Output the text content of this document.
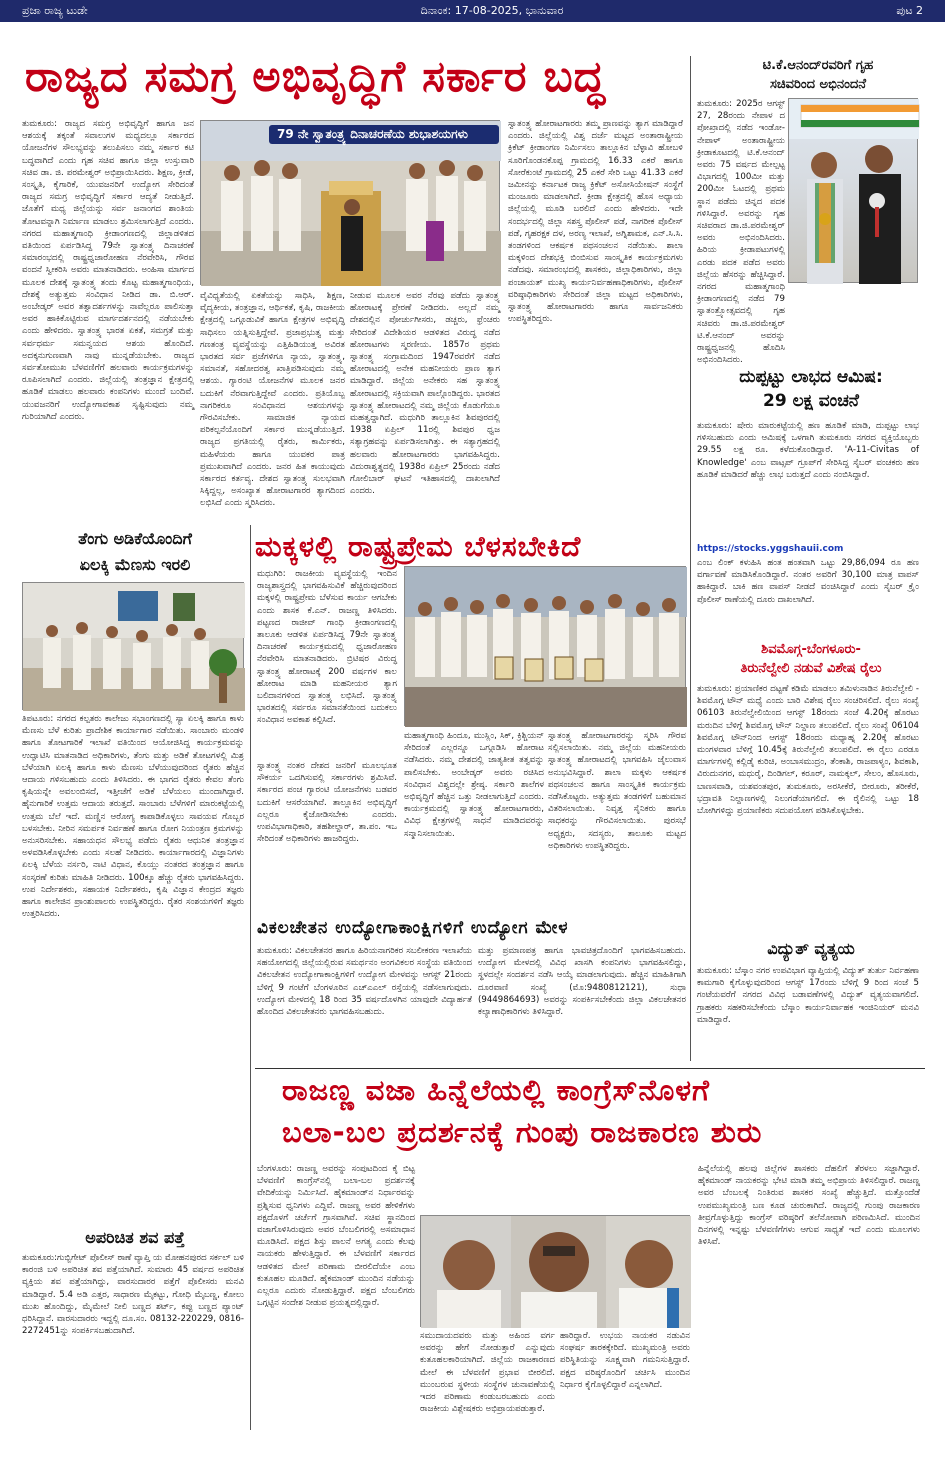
ಪ್ರಜಾ ರಾಜ್ಯ ಟುಡೇ	ದಿನಾಂಕ: 17-08-2025, ಭಾನುವಾರ	ಪುಟ 2
ರಾಜ್ಯದ ಸಮಗ್ರ ಅಭಿವೃದ್ಧಿಗೆ ಸರ್ಕಾರ ಬದ್ಧ	ಟಿ.ಕೆ.ಆನಂದ್‌ರವರಿಗೆ ಗೃಹ
ಸಚಿವರಿಂದ ಅಭಿನಂದನೆ
ತುಮಕೂರು: 2025ರ ಆಗಸ್ಟ್ 27, 28ರಂದು ನೇಪಾಳ ದ ಪೋಖ್ರಾದಲ್ಲಿ ನಡೆದ ಇಂಡೋ-ನೇಪಾಳ್ ಅಂತಾರಾಷ್ಟ್ರೀಯ ಕ್ರೀಡಾಕೂಟದಲ್ಲಿ ಟಿ.ಕೆ.ಆನಂದ್ ಅವರು 75 ವರ್ಷದ ಮೇಲ್ಪಟ್ಟ ವಿಭಾಗದಲ್ಲಿ 100ಮೀ ಮತ್ತು 200ಮೀ ಓಟದಲ್ಲಿ ಪ್ರಥಮ ಸ್ಥಾನ ಪಡೆದು ಚಿನ್ನದ ಪದಕ ಗಳಿಸಿದ್ದಾರೆ. ಅವರನ್ನು ಗೃಹ ಸಚಿವರಾದ ಡಾ.ಜಿ.ಪರಮೇಶ್ವರ್ ಅವರು ಅಭಿನಂದಿಸಿದರು. ಹಿರಿಯ ಕ್ರೀಡಾಪಟುಗಳಲ್ಲಿ ಎರಡು ಪದಕ ಪಡೆದ ಅವರು ಜಿಲ್ಲೆಯ ಹೆಸರನ್ನು ಹೆಚ್ಚಿಸಿದ್ದಾರೆ. ನಗರದ ಮಹಾತ್ಮಗಾಂಧಿ ಕ್ರೀಡಾಂಗಣದಲ್ಲಿ ನಡೆದ 79 ಸ್ವಾತಂತ್ರ್ಯೋತ್ಸವದಲ್ಲಿ ಗೃಹ ಸಚಿವರು ಡಾ.ಜಿ.ಪರಮೇಶ್ವರ್ ಟಿ.ಕೆ.ಆನಂದ್ ಅವರನ್ನು ರಾಷ್ಟ್ರಧ್ವಜನಲ್ಲಿ ಹೊದಿಸಿ ಅಭಿನಂದಿಸಿದರು.
ದುಪ್ಪಟ್ಟು ಲಾಭದ ಆಮಿಷ:
29 ಲಕ್ಷ ವಂಚನೆ
ತುಮಕೂರು: ಷೇರು ಮಾರುಕಟ್ಟೆಯಲ್ಲಿ ಹಣ ಹೂಡಿಕೆ ಮಾಡಿ, ದುಪ್ಪಟ್ಟು ಲಾಭ ಗಳಿಸಬಹುದು ಎಂದು ಆಮಿಷಕ್ಕೆ ಒಳಗಾಗಿ ತುಮಕೂರು ನಗರದ ವ್ಯಕ್ತಿಯೊಬ್ಬರು 29.55 ಲಕ್ಷ ರೂ. ಕಳೆದುಕೊಂಡಿದ್ದಾರೆ. 'A-11-Civitas of Knowledge' ಎಂಬ ವಾಟ್ಸಪ್ ಗ್ರೂಪ್‌ಗೆ ಸೇರಿಸಿದ್ದ ಸೈಬರ್ ವಂಚಕರು ಹಣ ಹೂಡಿಕೆ ಮಾಡಿದರೆ ಹೆಚ್ಚು ಲಾಭ ಬರುತ್ತದೆ ಎಂದು ನಂಬಿಸಿದ್ದಾರೆ.
https://stocks.yggshauii.com
ಎಂಬ ಲಿಂಕ್ ಕಳುಹಿಸಿ ಹಂತ ಹಂತವಾಗಿ ಒಟ್ಟು 29,86,094 ರೂ ಹಣ ವರ್ಗಾವಣೆ ಮಾಡಿಸಿಕೊಂಡಿದ್ದಾರೆ. ನಂತರ ಅವರಿಗೆ 30,100 ಮಾತ್ರ ವಾಪಸ್ ಹಾಕಿದ್ದಾರೆ. ಬಾಕಿ ಹಣ ವಾಪಸ್ ನೀಡದೆ ವಂಚಿಸಿದ್ದಾರೆ ಎಂದು ಸೈಬರ್ ಕ್ರೈಂ ಪೊಲೀಸ್ ಠಾಣೆಯಲ್ಲಿ ದೂರು ದಾಖಲಾಗಿದೆ.
ಶಿವಮೊಗ್ಗ-ಬೆಂಗಳೂರು-
ತಿರುನೆಲ್ವೇಲಿ ನಡುವೆ ವಿಶೇಷ ರೈಲು
ತುಮಕೂರು: ಪ್ರಯಾಣಿಕರ ದಟ್ಟಣೆ ಕಡಿಮೆ ಮಾಡಲು ತಮಿಳುನಾಡಿನ ತಿರುನೆಲ್ವೇಲಿ - ಶಿವಮೊಗ್ಗ ಟೌನ್ ಮಧ್ಯೆ ಎಂದು ಬಾರಿ ವಿಶೇಷ ರೈಲು ಸಂಚರಿಸಲಿದೆ. ರೈಲು ಸಂಖ್ಯೆ 06103 ತಿರುನೆಲ್ವೇಲಿಯಿಂದ ಆಗಸ್ಟ್ 18ರಂದು ಸಂಜೆ 4.20ಕ್ಕೆ ಹೊರಟು ಮರುದಿನ ಬೆಳಿಗ್ಗೆ ಶಿವಮೊಗ್ಗ ಟೌನ್ ನಿಲ್ದಾಣ ತಲುಪಲಿದೆ. ರೈಲು ಸಂಖ್ಯೆ 06104 ಶಿವಮೊಗ್ಗ ಟೌನ್‌ನಿಂದ ಆಗಸ್ಟ್ 18ರಂದು ಮಧ್ಯಾಹ್ನ 2.20ಕ್ಕೆ ಹೊರಟು ಮಂಗಳವಾರ ಬೆಳಿಗ್ಗೆ 10.45ಕ್ಕೆ ತಿರುನೆಲ್ವೇಲಿ ತಲುಪಲಿದೆ. ಈ ರೈಲು ಎರಡೂ ಮಾರ್ಗಗಳಲ್ಲಿ ಕಲ್ಲಿಡೈ ಕುರಿಚಿ, ಅಂಬಾಸಮುದ್ರಂ, ತೆಂಕಾಶಿ, ರಾಜಪಾಳ್ಯಂ, ಶಿವಕಾಶಿ, ವಿರುದುನಗರ, ಮಧುರೈ, ದಿಂಡಿಗಲ್, ಕರೂರ್, ನಾಮಕ್ಕಲ್, ಸೇಲಂ, ಹೊಸೂರು, ಬಾಣಸವಾಡಿ, ಯಶವಂತಪುರ, ತುಮಕೂರು, ಅರಸೀಕೆರೆ, ಬೀರೂರು, ತರೀಕೆರೆ, ಭದ್ರಾವತಿ ನಿಲ್ದಾಣಗಳಲ್ಲಿ ನಿಲುಗಡೆಯಾಗಲಿದೆ. ಈ ರೈಲಿನಲ್ಲಿ ಒಟ್ಟು 18 ಬೋಗಿಗಳಿದ್ದು ಪ್ರಯಾಣಿಕರು ಸದುಪಯೋಗ ಪಡಿಸಿಕೊಳ್ಳಬೇಕು.
ವಿದ್ಯುತ್ ವ್ಯತ್ಯಯ
ತುಮಕೂರು: ಬೆಸ್ಕಾಂ ನಗರ ಉಪವಿಭಾಗ ವ್ಯಾಪ್ತಿಯಲ್ಲಿ ವಿದ್ಯುತ್ ತುರ್ತು ನಿರ್ವಹಣಾ ಕಾಮಗಾರಿ ಕೈಗೊಳ್ಳುವುದರಿಂದ ಆಗಸ್ಟ್ 17ರಂದು ಬೆಳಿಗ್ಗೆ 9 ರಿಂದ ಸಂಜೆ 5 ಗಂಟೆಯವರೆಗೆ ನಗರದ ವಿವಿಧ ಬಡಾವಣೆಗಳಲ್ಲಿ ವಿದ್ಯುತ್ ವ್ಯತ್ಯಯವಾಗಲಿದೆ. ಗ್ರಾಹಕರು ಸಹಕರಿಸಬೇಕೆಂದು ಬೆಸ್ಕಾಂ ಕಾರ್ಯನಿರ್ವಾಹಕ ಇಂಜಿನಿಯರ್ ಮನವಿ ಮಾಡಿದ್ದಾರೆ.
ತುಮಕೂರು: ರಾಜ್ಯದ ಸಮಗ್ರ ಅಭಿವೃದ್ಧಿಗೆ ಹಾಗೂ ಜನ ಆಶಯಕ್ಕೆ ತಕ್ಕಂತೆ ಸವಾಲುಗಳ ಮಧ್ಯದಲ್ಲೂ ಸರ್ಕಾರದ ಯೋಜನೆಗಳ ಸೌಲಭ್ಯವನ್ನು ತಲುಪಿಸಲು ನಮ್ಮ ಸರ್ಕಾರ ಕಟಿ ಬದ್ಧವಾಗಿದೆ ಎಂದು ಗೃಹ ಸಚಿವ ಹಾಗೂ ಜಿಲ್ಲಾ ಉಸ್ತುವಾರಿ ಸಚಿವ ಡಾ. ಜಿ. ಪರಮೇಶ್ವರ್ ಅಭಿಪ್ರಾಯಿಸಿದರು. ಶಿಕ್ಷಣ, ಕ್ರೀಡೆ, ಸಂಸ್ಕೃತಿ, ಕೈಗಾರಿಕೆ, ಯುವಜನರಿಗೆ ಉದ್ಯೋಗ ಸೇರಿದಂತೆ ರಾಜ್ಯದ ಸಮಗ್ರ ಅಭಿವೃದ್ಧಿಗೆ ಸರ್ಕಾರ ಆದ್ಯತೆ ನೀಡುತ್ತಿದೆ. ಜೊತೆಗೆ ಮಧ್ಯ ಜಿಲ್ಲೆಯನ್ನು ಸರ್ವ ಜನಾಂಗದ ಶಾಂತಿಯ ತೋಟವನ್ನಾಗಿ ನಿರ್ಮಾಣ ಮಾಡಲು ಶ್ರಮಿಸಲಾಗುತ್ತಿದೆ ಎಂದರು. ನಗರದ ಮಹಾತ್ಮಗಾಂಧಿ ಕ್ರೀಡಾಂಗಣದಲ್ಲಿ ಜಿಲ್ಲಾಡಳಿತದ ವತಿಯಿಂದ ಏರ್ಪಡಿಸಿದ್ದ 79ನೇ ಸ್ವಾತಂತ್ರ್ಯ ದಿನಾಚರಣೆ ಸಮಾರಂಭದಲ್ಲಿ ರಾಷ್ಟ್ರಧ್ವಜಾರೋಹಣ ನೆರವೇರಿಸಿ, ಗೌರವ ವಂದನೆ ಸ್ವೀಕರಿಸಿ ಅವರು ಮಾತನಾಡಿದರು. ಅಂಹಿಸಾ ಮಾರ್ಗದ ಮೂಲಕ ದೇಶಕ್ಕೆ ಸ್ವಾತಂತ್ರ್ಯ ತಂದು ಕೊಟ್ಟ ಮಹಾತ್ಮಗಾಂಧಿಯ, ದೇಶಕ್ಕೆ ಅತ್ಯುತ್ತಮ ಸಂವಿಧಾನ ನೀಡಿದ ಡಾ. ಬಿ.ಆರ್. ಅಂಬೇಡ್ಕರ್ ಅವರ ತತ್ವಾದರ್ಶಗಳನ್ನು ನಾವೆಲ್ಲರೂ ಪಾಲಿಸುತ್ತಾ ಅವರ ಹಾಕಿಕೊಟ್ಟಿರುವ ಮಾರ್ಗದರ್ಶನದಲ್ಲಿ ನಡೆಯಬೇಕು ಎಂದು ಹೇಳಿದರು. ಸ್ವಾತಂತ್ರ್ಯ ಭಾರತ ಏಕತೆ, ಸಮಗ್ರತೆ ಮತ್ತು ಸರ್ವಧರ್ಮ ಸಮನ್ವಯದ ಆಶಯ ಹೊಂದಿದೆ. ಅದಕ್ಕನುಗುಣವಾಗಿ ನಾವು ಮುನ್ನಡೆಯಬೇಕು. ರಾಜ್ಯದ ಸರ್ವತೋಮುಖ ಬೆಳವಣಿಗೆಗೆ ಹಲವಾರು ಕಾರ್ಯಕ್ರಮಗಳನ್ನು ರೂಪಿಸಲಾಗಿದೆ ಎಂದರು. ಜಿಲ್ಲೆಯಲ್ಲಿ ತಂತ್ರಜ್ಞಾನ ಕ್ಷೇತ್ರದಲ್ಲಿ ಹೂಡಿಕೆ ಮಾಡಲು ಹಲವಾರು ಕಂಪನಿಗಳು ಮುಂದೆ ಬಂದಿವೆ. ಯುವಜನರಿಗೆ ಉದ್ಯೋಗಾವಕಾಶ ಸೃಷ್ಟಿಸುವುದು ನಮ್ಮ ಗುರಿಯಾಗಿದೆ ಎಂದರು.
79 ನೇ ಸ್ವಾತಂತ್ರ್ಯ ದಿನಾಚರಣೆಯ ಶುಭಾಶಯಗಳು
ವೈವಿಧ್ಯತೆಯಲ್ಲಿ ಏಕತೆಯನ್ನು ಸಾಧಿಸಿ, ಶಿಕ್ಷಣ, ವೈದ್ಯಕೀಯ, ತಂತ್ರಜ್ಞಾನ, ಆರ್ಥಿಕತೆ, ಕೃಷಿ, ರಾಜಕೀಯ ಕ್ಷೇತ್ರದಲ್ಲಿ ಒಗ್ಗೂಡುವಿಕೆ ಹಾಗೂ ಕ್ಷೇತ್ರಗಳ ಅಭಿವೃದ್ಧಿ ಸಾಧಿಸಲು ಯತ್ನಿಸುತ್ತಿದ್ದೇವೆ. ಪ್ರಜಾಪ್ರಭುತ್ವ ಮತ್ತು ಗಣತಂತ್ರ ವ್ಯವಸ್ಥೆಯನ್ನು ಎತ್ತಿಹಿಡಿಯುತ್ತ ಅವಿರತ ಭಾರತದ ಸರ್ವ ಪ್ರಜೆಗಳಿಗೂ ನ್ಯಾಯ, ಸ್ವಾತಂತ್ರ್ಯ, ಸಮಾನತೆ, ಸಹೋದರತ್ವ ಖಾತ್ರಿಪಡಿಸುವುದು ನಮ್ಮ ಆಶಯ. ಗ್ಯಾರಂಟಿ ಯೋಜನೆಗಳ ಮೂಲಕ ಜನರ ಬದುಕಿಗೆ ನೆರವಾಗುತ್ತಿದ್ದೇವೆ ಎಂದರು. ಪ್ರತಿಯೊಬ್ಬ ನಾಗರಿಕರೂ ಸಂವಿಧಾನದ ಆಶಯಗಳನ್ನು ಗೌರವಿಸಬೇಕು. ಸಾಮಾಜಿಕ ನ್ಯಾಯದ ಪರಿಕಲ್ಪನೆಯೊಂದಿಗೆ ಸರ್ಕಾರ ಮುನ್ನಡೆಯುತ್ತಿದೆ. ರಾಜ್ಯದ ಪ್ರಗತಿಯಲ್ಲಿ ರೈತರು, ಕಾರ್ಮಿಕರು, ಮಹಿಳೆಯರು ಹಾಗೂ ಯುವಕರ ಪಾತ್ರ ಪ್ರಮುಖವಾಗಿದೆ ಎಂದರು. ಜನರ ಹಿತ ಕಾಯುವುದು ಸರ್ಕಾರದ ಕರ್ತವ್ಯ. ದೇಶದ ಸ್ವಾತಂತ್ರ್ಯ ಸುಲಭವಾಗಿ ಸಿಕ್ಕಿದ್ದಲ್ಲ, ಅಸಂಖ್ಯಾತ ಹೋರಾಟಗಾರರ ತ್ಯಾಗದಿಂದ ಲಭಿಸಿದೆ ಎಂದು ಸ್ಮರಿಸಿದರು.
ನೀಡುವ ಮೂಲಕ ಅವರ ನೆರವು ಪಡೆದು ಸ್ವಾತಂತ್ರ್ಯ ಹೋರಾಟಕ್ಕೆ ಪ್ರೇರಣೆ ನೀಡಿದರು. ಅಲ್ಲದೆ ನಮ್ಮ ದೇಶದಲ್ಲಿನ ಪೋರ್ಚುಗೀಸರು, ಡಚ್ಚರು, ಫ್ರೆಂಚರು ಸೇರಿದಂತೆ ವಿದೇಶಿಯರ ಆಡಳಿತದ ವಿರುದ್ಧ ನಡೆದ ಹೋರಾಟಗಳು ಸ್ಮರಣೀಯ. 1857ರ ಪ್ರಥಮ ಸ್ವಾತಂತ್ರ್ಯ ಸಂಗ್ರಾಮದಿಂದ 1947ರವರೆಗೆ ನಡೆದ ಹೋರಾಟದಲ್ಲಿ ಅನೇಕ ಮಹನೀಯರು ಪ್ರಾಣ ತ್ಯಾಗ ಮಾಡಿದ್ದಾರೆ. ಜಿಲ್ಲೆಯ ಅನೇಕರು ಸಹ ಸ್ವಾತಂತ್ರ್ಯ ಹೋರಾಟದಲ್ಲಿ ಸಕ್ರಿಯವಾಗಿ ಪಾಲ್ಗೊಂಡಿದ್ದರು. ಭಾರತದ ಸ್ವಾತಂತ್ರ್ಯ ಹೋರಾಟದಲ್ಲಿ ನಮ್ಮ ಜಿಲ್ಲೆಯ ಕೊಡುಗೆಯೂ ಮಹತ್ವದ್ದಾಗಿದೆ. ಮಧುಗಿರಿ ತಾಲ್ಲೂಕಿನ ಶಿವಪುರದಲ್ಲಿ 1938 ಏಪ್ರಿಲ್ 11ರಲ್ಲಿ ಶಿವಪುರ ಧ್ವಜ ಸತ್ಯಾಗ್ರಹವನ್ನು ಏರ್ಪಡಿಸಲಾಗಿತ್ತು. ಈ ಸತ್ಯಾಗ್ರಹದಲ್ಲಿ ಹಲವಾರು ಹೋರಾಟಗಾರರು ಭಾಗವಹಿಸಿದ್ದರು. ವಿದುರಾಶ್ವತ್ಥದಲ್ಲಿ 1938ರ ಏಪ್ರಿಲ್ 25ರಂದು ನಡೆದ ಗೋಲಿಬಾರ್ ಘಟನೆ ಇತಿಹಾಸದಲ್ಲಿ ದಾಖಲಾಗಿದೆ ಎಂದರು.
ಸ್ವಾತಂತ್ರ್ಯ ಹೋರಾಟಗಾರರು ತಮ್ಮ ಪ್ರಾಣವನ್ನು ತ್ಯಾಗ ಮಾಡಿದ್ದಾರೆ ಎಂದರು. ಜಿಲ್ಲೆಯಲ್ಲಿ ವಿಶ್ವ ದರ್ಜೆ ಮಟ್ಟದ ಅಂತಾರಾಷ್ಟ್ರೀಯ ಕ್ರಿಕೆಟ್ ಕ್ರೀಡಾಂಗಣ ನಿರ್ಮಿಸಲು ತಾಲ್ಲೂಕಿನ ಬೆಳ್ಳಾವಿ ಹೋಬಳಿ ಸೂರಿಗೊಂಡನಕೊಪ್ಪ ಗ್ರಾಮದಲ್ಲಿ 16.33 ಎಕರೆ ಹಾಗೂ ಸೋರೆಕುಂಟೆ ಗ್ರಾಮದಲ್ಲಿ 25 ಎಕರೆ ಸೇರಿ ಒಟ್ಟು 41.33 ಎಕರೆ ಜಮೀನನ್ನು ಕರ್ನಾಟಕ ರಾಜ್ಯ ಕ್ರಿಕೆಟ್ ಅಸೋಸಿಯೇಷನ್ ಸಂಸ್ಥೆಗೆ ಮಂಜೂರು ಮಾಡಲಾಗಿದೆ. ಕ್ರೀಡಾ ಕ್ಷೇತ್ರದಲ್ಲಿ ಹೊಸ ಅಧ್ಯಾಯ ಜಿಲ್ಲೆಯಲ್ಲಿ ಮೂಡಿ ಬರಲಿದೆ ಎಂದು ಹೇಳಿದರು. ಇದೇ ಸಂದರ್ಭದಲ್ಲಿ ಜಿಲ್ಲಾ ಸಶಸ್ತ್ರ ಪೊಲೀಸ್ ಪಡೆ, ನಾಗರೀಕ ಪೊಲೀಸ್ ಪಡೆ, ಗೃಹರಕ್ಷಕ ದಳ, ಅರಣ್ಯ ಇಲಾಖೆ, ಅಗ್ನಿಶಾಮಕ, ಎನ್.ಸಿ.ಸಿ. ತಂಡಗಳಿಂದ ಆಕರ್ಷಕ ಪಥಸಂಚಲನ ನಡೆಯಿತು. ಶಾಲಾ ಮಕ್ಕಳಿಂದ ದೇಶಭಕ್ತಿ ಬಿಂಬಿಸುವ ಸಾಂಸ್ಕೃತಿಕ ಕಾರ್ಯಕ್ರಮಗಳು ನಡೆದವು. ಸಮಾರಂಭದಲ್ಲಿ ಶಾಸಕರು, ಜಿಲ್ಲಾಧಿಕಾರಿಗಳು, ಜಿಲ್ಲಾ ಪಂಚಾಯತ್ ಮುಖ್ಯ ಕಾರ್ಯನಿರ್ವಹಣಾಧಿಕಾರಿಗಳು, ಪೊಲೀಸ್ ವರಿಷ್ಠಾಧಿಕಾರಿಗಳು ಸೇರಿದಂತೆ ಜಿಲ್ಲಾ ಮಟ್ಟದ ಅಧಿಕಾರಿಗಳು, ಸ್ವಾತಂತ್ರ್ಯ ಹೋರಾಟಗಾರರು ಹಾಗೂ ಸಾರ್ವಜನಿಕರು ಉಪಸ್ಥಿತರಿದ್ದರು.
ಮಕ್ಕಳಲ್ಲಿ ರಾಷ್ಟ್ರಪ್ರೇಮ ಬೆಳಸಬೇಕಿದೆ
ಮಧುಗಿರಿ: ರಾಜಕೀಯ ವ್ಯವಸ್ಥೆಯಲ್ಲಿ ಇಂದಿನ ರಾಜ್ಯಶಾಸ್ತ್ರದಲ್ಲಿ ಭಾಗವಹಿಸುವಿಕೆ ಹೆಚ್ಚಿರುವುದರಿಂದ ಮಕ್ಕಳಲ್ಲಿ ರಾಷ್ಟ್ರಪ್ರೇಮ ಬೆಳೆಸುವ ಕಾರ್ಯ ಆಗಬೇಕು ಎಂದು ಶಾಸಕ ಕೆ.ಎನ್. ರಾಜಣ್ಣ ತಿಳಿಸಿದರು. ಪಟ್ಟಣದ ರಾಜೀವ್ ಗಾಂಧಿ ಕ್ರೀಡಾಂಗಣದಲ್ಲಿ ತಾಲೂಕು ಆಡಳಿತ ಏರ್ಪಡಿಸಿದ್ದ 79ನೇ ಸ್ವಾತಂತ್ರ್ಯ ದಿನಾಚರಣೆ ಕಾರ್ಯಕ್ರಮದಲ್ಲಿ ಧ್ವಜಾರೋಹಣ ನೆರವೇರಿಸಿ ಮಾತನಾಡಿದರು. ಬ್ರಿಟಿಷರ ವಿರುದ್ಧ ಸ್ವಾತಂತ್ರ್ಯ ಹೋರಾಟಕ್ಕೆ 200 ವರ್ಷಗಳ ಕಾಲ ಹೋರಾಟ ಮಾಡಿ ಮಹನೀಯರ ತ್ಯಾಗ ಬಲಿದಾನಗಳಿಂದ ಸ್ವಾತಂತ್ರ್ಯ ಲಭಿಸಿದೆ. ಸ್ವಾತಂತ್ರ್ಯ ಭಾರತದಲ್ಲಿ ಸರ್ವರೂ ಸಮಾನತೆಯಿಂದ ಬದುಕಲು ಸಂವಿಧಾನ ಅವಕಾಶ ಕಲ್ಪಿಸಿದೆ.
ಮಹಾತ್ಮಗಾಂಧಿ ಹಿಂದೂ, ಮುಸ್ಲಿಂ, ಸಿಕ್, ಕ್ರಿಶ್ಚಿಯನ್ ಸೇರಿದಂತೆ ಎಲ್ಲರನ್ನೂ ಒಗ್ಗೂಡಿಸಿ ಹೋರಾಟ ನಡೆಸಿದರು. ನಮ್ಮ ದೇಶದಲ್ಲಿ ಜಾತ್ಯತೀತ ತತ್ವವನ್ನು ಪಾಲಿಸಬೇಕು. ಅಂಬೇಡ್ಕರ್ ಅವರು ರಚಿಸಿದ ಸಂವಿಧಾನ ವಿಶ್ವದಲ್ಲೇ ಶ್ರೇಷ್ಠ. ಸರ್ಕಾರಿ ಶಾಲೆಗಳ ಅಭಿವೃದ್ಧಿಗೆ ಹೆಚ್ಚಿನ ಒತ್ತು ನೀಡಲಾಗುತ್ತಿದೆ ಎಂದರು. ಕಾರ್ಯಕ್ರಮದಲ್ಲಿ ಸ್ವಾತಂತ್ರ್ಯ ಹೋರಾಟಗಾರರು, ವಿವಿಧ ಕ್ಷೇತ್ರಗಳಲ್ಲಿ ಸಾಧನೆ ಮಾಡಿದವರನ್ನು ಸನ್ಮಾನಿಸಲಾಯಿತು.
ಸ್ವಾತಂತ್ರ್ಯ ಹೋರಾಟಗಾರರನ್ನು ಸ್ಮರಿಸಿ ಗೌರವ ಸಲ್ಲಿಸಲಾಯಿತು. ನಮ್ಮ ಜಿಲ್ಲೆಯ ಮಹನೀಯರು ಸ್ವಾತಂತ್ರ್ಯ ಹೋರಾಟದಲ್ಲಿ ಭಾಗವಹಿಸಿ ಜೈಲುವಾಸ ಅನುಭವಿಸಿದ್ದಾರೆ. ಶಾಲಾ ಮಕ್ಕಳು ಆಕರ್ಷಕ ಪಥಸಂಚಲನ ಹಾಗೂ ಸಾಂಸ್ಕೃತಿಕ ಕಾರ್ಯಕ್ರಮ ನಡೆಸಿಕೊಟ್ಟರು. ಅತ್ಯುತ್ತಮ ತಂಡಗಳಿಗೆ ಬಹುಮಾನ ವಿತರಿಸಲಾಯಿತು. ನಿವೃತ್ತ ಸೈನಿಕರು ಹಾಗೂ ಸಾಧಕರನ್ನು ಗೌರವಿಸಲಾಯಿತು. ಪುರಸಭೆ ಅಧ್ಯಕ್ಷರು, ಸದಸ್ಯರು, ತಾಲೂಕು ಮಟ್ಟದ ಅಧಿಕಾರಿಗಳು ಉಪಸ್ಥಿತರಿದ್ದರು.
ಸ್ವಾತಂತ್ರ್ಯ ನಂತರ ದೇಶದ ಜನರಿಗೆ ಮೂಲಭೂತ ಸೌಕರ್ಯ ಒದಗಿಸುವಲ್ಲಿ ಸರ್ಕಾರಗಳು ಶ್ರಮಿಸಿವೆ. ಸರ್ಕಾರದ ಪಂಚ ಗ್ಯಾರಂಟಿ ಯೋಜನೆಗಳು ಬಡವರ ಬದುಕಿಗೆ ಆಸರೆಯಾಗಿವೆ. ತಾಲ್ಲೂಕಿನ ಅಭಿವೃದ್ಧಿಗೆ ಎಲ್ಲರೂ ಕೈಜೋಡಿಸಬೇಕು ಎಂದರು. ಉಪವಿಭಾಗಾಧಿಕಾರಿ, ತಹಶೀಲ್ದಾರ್, ತಾ.ಪಂ. ಇಒ ಸೇರಿದಂತೆ ಅಧಿಕಾರಿಗಳು ಹಾಜರಿದ್ದರು.
ತೆಂಗು ಅಡಿಕೆಯೊಂದಿಗೆ
ಏಲಕ್ಕಿ ಮೆಣಸು ಇರಲಿ
ತಿಪಟೂರು: ನಗರದ ಕಲ್ಪತರು ಕಾಲೇಜು ಸಭಾಂಗಣದಲ್ಲಿ ಸ್ಯಾ ಏಲಕ್ಕಿ ಹಾಗೂ ಕಾಳು ಮೆಣಸು ಬೆಳೆ ಕುರಿತು ಪ್ರಾದೇಶಿಕ ಕಾರ್ಯಾಗಾರ ನಡೆಯಿತು. ಸಾಂಬಾರು ಮಂಡಳಿ ಹಾಗೂ ತೋಟಗಾರಿಕೆ ಇಲಾಖೆ ವತಿಯಿಂದ ಆಯೋಜಿಸಿದ್ದ ಕಾರ್ಯಕ್ರಮವನ್ನು ಉದ್ಘಾಟಿಸಿ ಮಾತನಾಡಿದ ಅಧಿಕಾರಿಗಳು, ತೆಂಗು ಮತ್ತು ಅಡಿಕೆ ತೋಟಗಳಲ್ಲಿ ಮಿಶ್ರ ಬೆಳೆಯಾಗಿ ಏಲಕ್ಕಿ ಹಾಗೂ ಕಾಳು ಮೆಣಸು ಬೆಳೆಯುವುದರಿಂದ ರೈತರು ಹೆಚ್ಚಿನ ಆದಾಯ ಗಳಿಸಬಹುದು ಎಂದು ತಿಳಿಸಿದರು. ಈ ಭಾಗದ ರೈತರು ಕೇವಲ ತೆಂಗು ಕೃಷಿಯನ್ನೇ ಅವಲಂಬಿಸದೆ, ಇತ್ತೀಚೆಗೆ ಅಡಿಕೆ ಬೆಳೆಯಲು ಮುಂದಾಗಿದ್ದಾರೆ. ಹೈನುಗಾರಿಕೆ ಉತ್ತಮ ಆದಾಯ ತರುತ್ತದೆ. ಸಾಂಬಾರು ಬೆಳೆಗಳಿಗೆ ಮಾರುಕಟ್ಟೆಯಲ್ಲಿ ಉತ್ತಮ ಬೆಲೆ ಇದೆ. ಮಣ್ಣಿನ ಆರೋಗ್ಯ ಕಾಪಾಡಿಕೊಳ್ಳಲು ಸಾವಯವ ಗೊಬ್ಬರ ಬಳಸಬೇಕು. ನೀರಿನ ಸಮರ್ಪಕ ನಿರ್ವಹಣೆ ಹಾಗೂ ರೋಗ ನಿಯಂತ್ರಣ ಕ್ರಮಗಳನ್ನು ಅನುಸರಿಸಬೇಕು. ಸಹಾಯಧನ ಸೌಲಭ್ಯ ಪಡೆದು ರೈತರು ಆಧುನಿಕ ತಂತ್ರಜ್ಞಾನ ಅಳವಡಿಸಿಕೊಳ್ಳಬೇಕು ಎಂದು ಸಲಹೆ ನೀಡಿದರು. ಕಾರ್ಯಾಗಾರದಲ್ಲಿ ವಿಜ್ಞಾನಿಗಳು ಏಲಕ್ಕಿ ಬೆಳೆಯ ನರ್ಸರಿ, ನಾಟಿ ವಿಧಾನ, ಕೊಯ್ಲು ನಂತರದ ತಂತ್ರಜ್ಞಾನ ಹಾಗೂ ಸಂಸ್ಕರಣೆ ಕುರಿತು ಮಾಹಿತಿ ನೀಡಿದರು. 100ಕ್ಕೂ ಹೆಚ್ಚು ರೈತರು ಭಾಗವಹಿಸಿದ್ದರು. ಉಪ ನಿರ್ದೇಶಕರು, ಸಹಾಯಕ ನಿರ್ದೇಶಕರು, ಕೃಷಿ ವಿಜ್ಞಾನ ಕೇಂದ್ರದ ತಜ್ಞರು ಹಾಗೂ ಕಾಲೇಜಿನ ಪ್ರಾಂಶುಪಾಲರು ಉಪಸ್ಥಿತರಿದ್ದರು. ರೈತರ ಸಂಶಯಗಳಿಗೆ ತಜ್ಞರು ಉತ್ತರಿಸಿದರು.
ವಿಕಲಚೇತನ ಉದ್ಯೋಗಾಕಾಂಕ್ಷಿಗಳಿಗೆ ಉದ್ಯೋಗ ಮೇಳ
ತುಮಕೂರು: ವಿಕಲಚೇತನರ ಹಾಗೂ ಹಿರಿಯನಾಗರಿಕರ ಸಬಲೀಕರಣ ಇಲಾಖೆಯ ಸಹಯೋಗದಲ್ಲಿ ಜಿಲ್ಲೆಯಲ್ಲಿರುವ ಸಮರ್ಥನಂ ಅಂಗವಿಕಲರ ಸಂಸ್ಥೆಯ ವತಿಯಿಂದ ವಿಕಲಚೇತನ ಉದ್ಯೋಗಾಕಾಂಕ್ಷಿಗಳಿಗೆ ಉದ್ಯೋಗ ಮೇಳವನ್ನು ಆಗಸ್ಟ್ 21ರಂದು ಬೆಳಿಗ್ಗೆ 9 ಗಂಟೆಗೆ ಬೆಂಗಳೂರಿನ ಎಚ್‌ಎಎಲ್ ರಸ್ತೆಯಲ್ಲಿ ನಡೆಸಲಾಗುವುದು. ಉದ್ಯೋಗ ಮೇಳದಲ್ಲಿ 18 ರಿಂದ 35 ವರ್ಷದೊಳಗಿನ ಯಾವುದೇ ವಿದ್ಯಾರ್ಹತೆ ಹೊಂದಿದ ವಿಕಲಚೇತನರು ಭಾಗವಹಿಸಬಹುದು.
ಮತ್ತು ಪ್ರಮಾಣಪತ್ರ ಹಾಗೂ ಭಾವಚಿತ್ರದೊಂದಿಗೆ ಭಾಗವಹಿಸಬಹುದು. ಉದ್ಯೋಗ ಮೇಳದಲ್ಲಿ ವಿವಿಧ ಖಾಸಗಿ ಕಂಪನಿಗಳು ಭಾಗವಹಿಸಲಿದ್ದು, ಸ್ಥಳದಲ್ಲೇ ಸಂದರ್ಶನ ನಡೆಸಿ ಆಯ್ಕೆ ಮಾಡಲಾಗುವುದು. ಹೆಚ್ಚಿನ ಮಾಹಿತಿಗಾಗಿ ದೂರವಾಣಿ ಸಂಖ್ಯೆ (ಮೊ:9480812121), ಸುಧಾ (9449864693) ಅವರನ್ನು ಸಂಪರ್ಕಿಸಬೇಕೆಂದು ಜಿಲ್ಲಾ ವಿಕಲಚೇತನರ ಕಲ್ಯಾಣಾಧಿಕಾರಿಗಳು ತಿಳಿಸಿದ್ದಾರೆ.
ರಾಜಣ್ಣ ವಜಾ ಹಿನ್ನೆಲೆಯಲ್ಲಿ ಕಾಂಗ್ರೆಸ್‌ನೊಳಗೆ
ಬಲಾ-ಬಲ ಪ್ರದರ್ಶನಕ್ಕೆ ಗುಂಪು ರಾಜಕಾರಣ ಶುರು
ಅಪರಿಚಿತ ಶವ ಪತ್ತೆ
ತುಮಕೂರು:ಗುಬ್ಬಿಗೇಟ್ ಪೊಲೀಸ್ ಠಾಣೆ ವ್ಯಾಪ್ತಿ ಯ ಮೋಹನಪುರದ ಸರ್ಕಲ್ ಬಳಿ ಕಾರಂಜಿ ಬಳಿ ಅಪರಿಚಿತ ಶವ ಪತ್ತೆಯಾಗಿದೆ. ಸುಮಾರು 45 ವರ್ಷದ ಅಪರಿಚಿತ ವ್ಯಕ್ತಿಯ ಶವ ಪತ್ತೆಯಾಗಿದ್ದು, ವಾರಸುದಾರರ ಪತ್ತೆಗೆ ಪೊಲೀಸರು ಮನವಿ ಮಾಡಿದ್ದಾರೆ. 5.4 ಅಡಿ ಎತ್ತರ, ಸಾಧಾರಣ ಮೈಕಟ್ಟು, ಗೋಧಿ ಮೈಬಣ್ಣ, ಕೋಲು ಮುಖ ಹೊಂದಿದ್ದು, ಮೈಮೇಲೆ ನೀಲಿ ಬಣ್ಣದ ಶರ್ಟ್, ಕಪ್ಪು ಬಣ್ಣದ ಪ್ಯಾಂಟ್ ಧರಿಸಿದ್ದಾನೆ. ವಾರಸುದಾರರು ಇದ್ದಲ್ಲಿ ದೂ.ಸಂ. 08132-220229, 0816-2272451ನ್ನು ಸಂಪರ್ಕಿಸಬಹುದಾಗಿದೆ.
ಬೆಂಗಳೂರು: ರಾಜಣ್ಣ ಅವರನ್ನು ಸಂಪುಟದಿಂದ ಕೈ ಬಿಟ್ಟ ಬೆಳವಣಿಗೆ ಕಾಂಗ್ರೆಸ್‌ನಲ್ಲಿ ಬಲಾ-ಬಲ ಪ್ರದರ್ಶನಕ್ಕೆ ವೇದಿಕೆಯನ್ನು ನಿರ್ಮಿಸಿದೆ. ಹೈಕಮಾಂಡ್‌ನ ನಿರ್ಧಾರವನ್ನು ಪ್ರಶ್ನಿಸುವ ಧ್ವನಿಗಳು ಎದ್ದಿವೆ. ರಾಜಣ್ಣ ಅವರ ಹೇಳಿಕೆಗಳು ಪಕ್ಷದೊಳಗೆ ಚರ್ಚೆಗೆ ಗ್ರಾಸವಾಗಿವೆ. ಸಚಿವ ಸ್ಥಾನದಿಂದ ವಜಾಗೊಳಿಸಿರುವುದು ಅವರ ಬೆಂಬಲಿಗರಲ್ಲಿ ಅಸಮಾಧಾನ ಮೂಡಿಸಿದೆ. ಪಕ್ಷದ ಶಿಸ್ತು ಪಾಲನೆ ಅಗತ್ಯ ಎಂದು ಕೆಲವು ನಾಯಕರು ಹೇಳುತ್ತಿದ್ದಾರೆ. ಈ ಬೆಳವಣಿಗೆ ಸರ್ಕಾರದ ಆಡಳಿತದ ಮೇಲೆ ಪರಿಣಾಮ ಬೀರಲಿದೆಯೇ ಎಂಬ ಕುತೂಹಲ ಮೂಡಿದೆ. ಹೈಕಮಾಂಡ್ ಮುಂದಿನ ನಡೆಯನ್ನು ಎಲ್ಲರೂ ಎದುರು ನೋಡುತ್ತಿದ್ದಾರೆ. ಪಕ್ಷದ ಬೆಂಬಲಿಗರು ಒಗ್ಗಟ್ಟಿನ ಸಂದೇಶ ನೀಡುವ ಪ್ರಯತ್ನದಲ್ಲಿದ್ದಾರೆ.
ಸಮುದಾಯದವರು ಮತ್ತು ಅಹಿಂದ ವರ್ಗ ಅವರನ್ನು ಹೇಗೆ ನೋಡುತ್ತಾರೆ ಎನ್ನುವುದು ಕುತೂಹಲಕಾರಿಯಾಗಿದೆ. ಜಿಲ್ಲೆಯ ರಾಜಕಾರಣದ ಮೇಲೆ ಈ ಬೆಳವಣಿಗೆ ಪ್ರಭಾವ ಬೀರಲಿದೆ. ಮುಂಬರುವ ಸ್ಥಳೀಯ ಸಂಸ್ಥೆಗಳ ಚುನಾವಣೆಯಲ್ಲಿ ಇದರ ಪರಿಣಾಮ ಕಂಡುಬರಬಹುದು ಎಂದು ರಾಜಕೀಯ ವಿಶ್ಲೇಷಕರು ಅಭಿಪ್ರಾಯಪಡುತ್ತಾರೆ.
ಹಾರಿದ್ದಾರೆ. ಉಭಯ ನಾಯಕರ ನಡುವಿನ ಸಂಘರ್ಷ ತಾರಕಕ್ಕೇರಿದೆ. ಮುಖ್ಯಮಂತ್ರಿ ಅವರು ಪರಿಸ್ಥಿತಿಯನ್ನು ಸೂಕ್ಷ್ಮವಾಗಿ ಗಮನಿಸುತ್ತಿದ್ದಾರೆ. ಪಕ್ಷದ ವರಿಷ್ಠರೊಂದಿಗೆ ಚರ್ಚಿಸಿ ಮುಂದಿನ ನಿರ್ಧಾರ ಕೈಗೊಳ್ಳಲಿದ್ದಾರೆ ಎನ್ನಲಾಗಿದೆ.
ಹಿನ್ನೆಲೆಯಲ್ಲಿ ಹಲವು ಜಿಲ್ಲೆಗಳ ಶಾಸಕರು ದೆಹಲಿಗೆ ತೆರಳಲು ಸಜ್ಜಾಗಿದ್ದಾರೆ. ಹೈಕಮಾಂಡ್ ನಾಯಕರನ್ನು ಭೇಟಿ ಮಾಡಿ ತಮ್ಮ ಅಭಿಪ್ರಾಯ ತಿಳಿಸಲಿದ್ದಾರೆ. ರಾಜಣ್ಣ ಅವರ ಬೆಂಬಲಕ್ಕೆ ನಿಂತಿರುವ ಶಾಸಕರ ಸಂಖ್ಯೆ ಹೆಚ್ಚುತ್ತಿದೆ. ಮತ್ತೊಂದೆಡೆ ಉಪಮುಖ್ಯಮಂತ್ರಿ ಬಣ ಕೂಡ ಚುರುಕಾಗಿದೆ. ರಾಜ್ಯದಲ್ಲಿ ಗುಂಪು ರಾಜಕಾರಣ ತೀವ್ರಗೊಳ್ಳುತ್ತಿದ್ದು ಕಾಂಗ್ರೆಸ್ ವರಿಷ್ಠರಿಗೆ ತಲೆನೋವಾಗಿ ಪರಿಣಮಿಸಿದೆ. ಮುಂದಿನ ದಿನಗಳಲ್ಲಿ ಇನ್ನಷ್ಟು ಬೆಳವಣಿಗೆಗಳು ಆಗುವ ಸಾಧ್ಯತೆ ಇದೆ ಎಂದು ಮೂಲಗಳು ತಿಳಿಸಿವೆ.
